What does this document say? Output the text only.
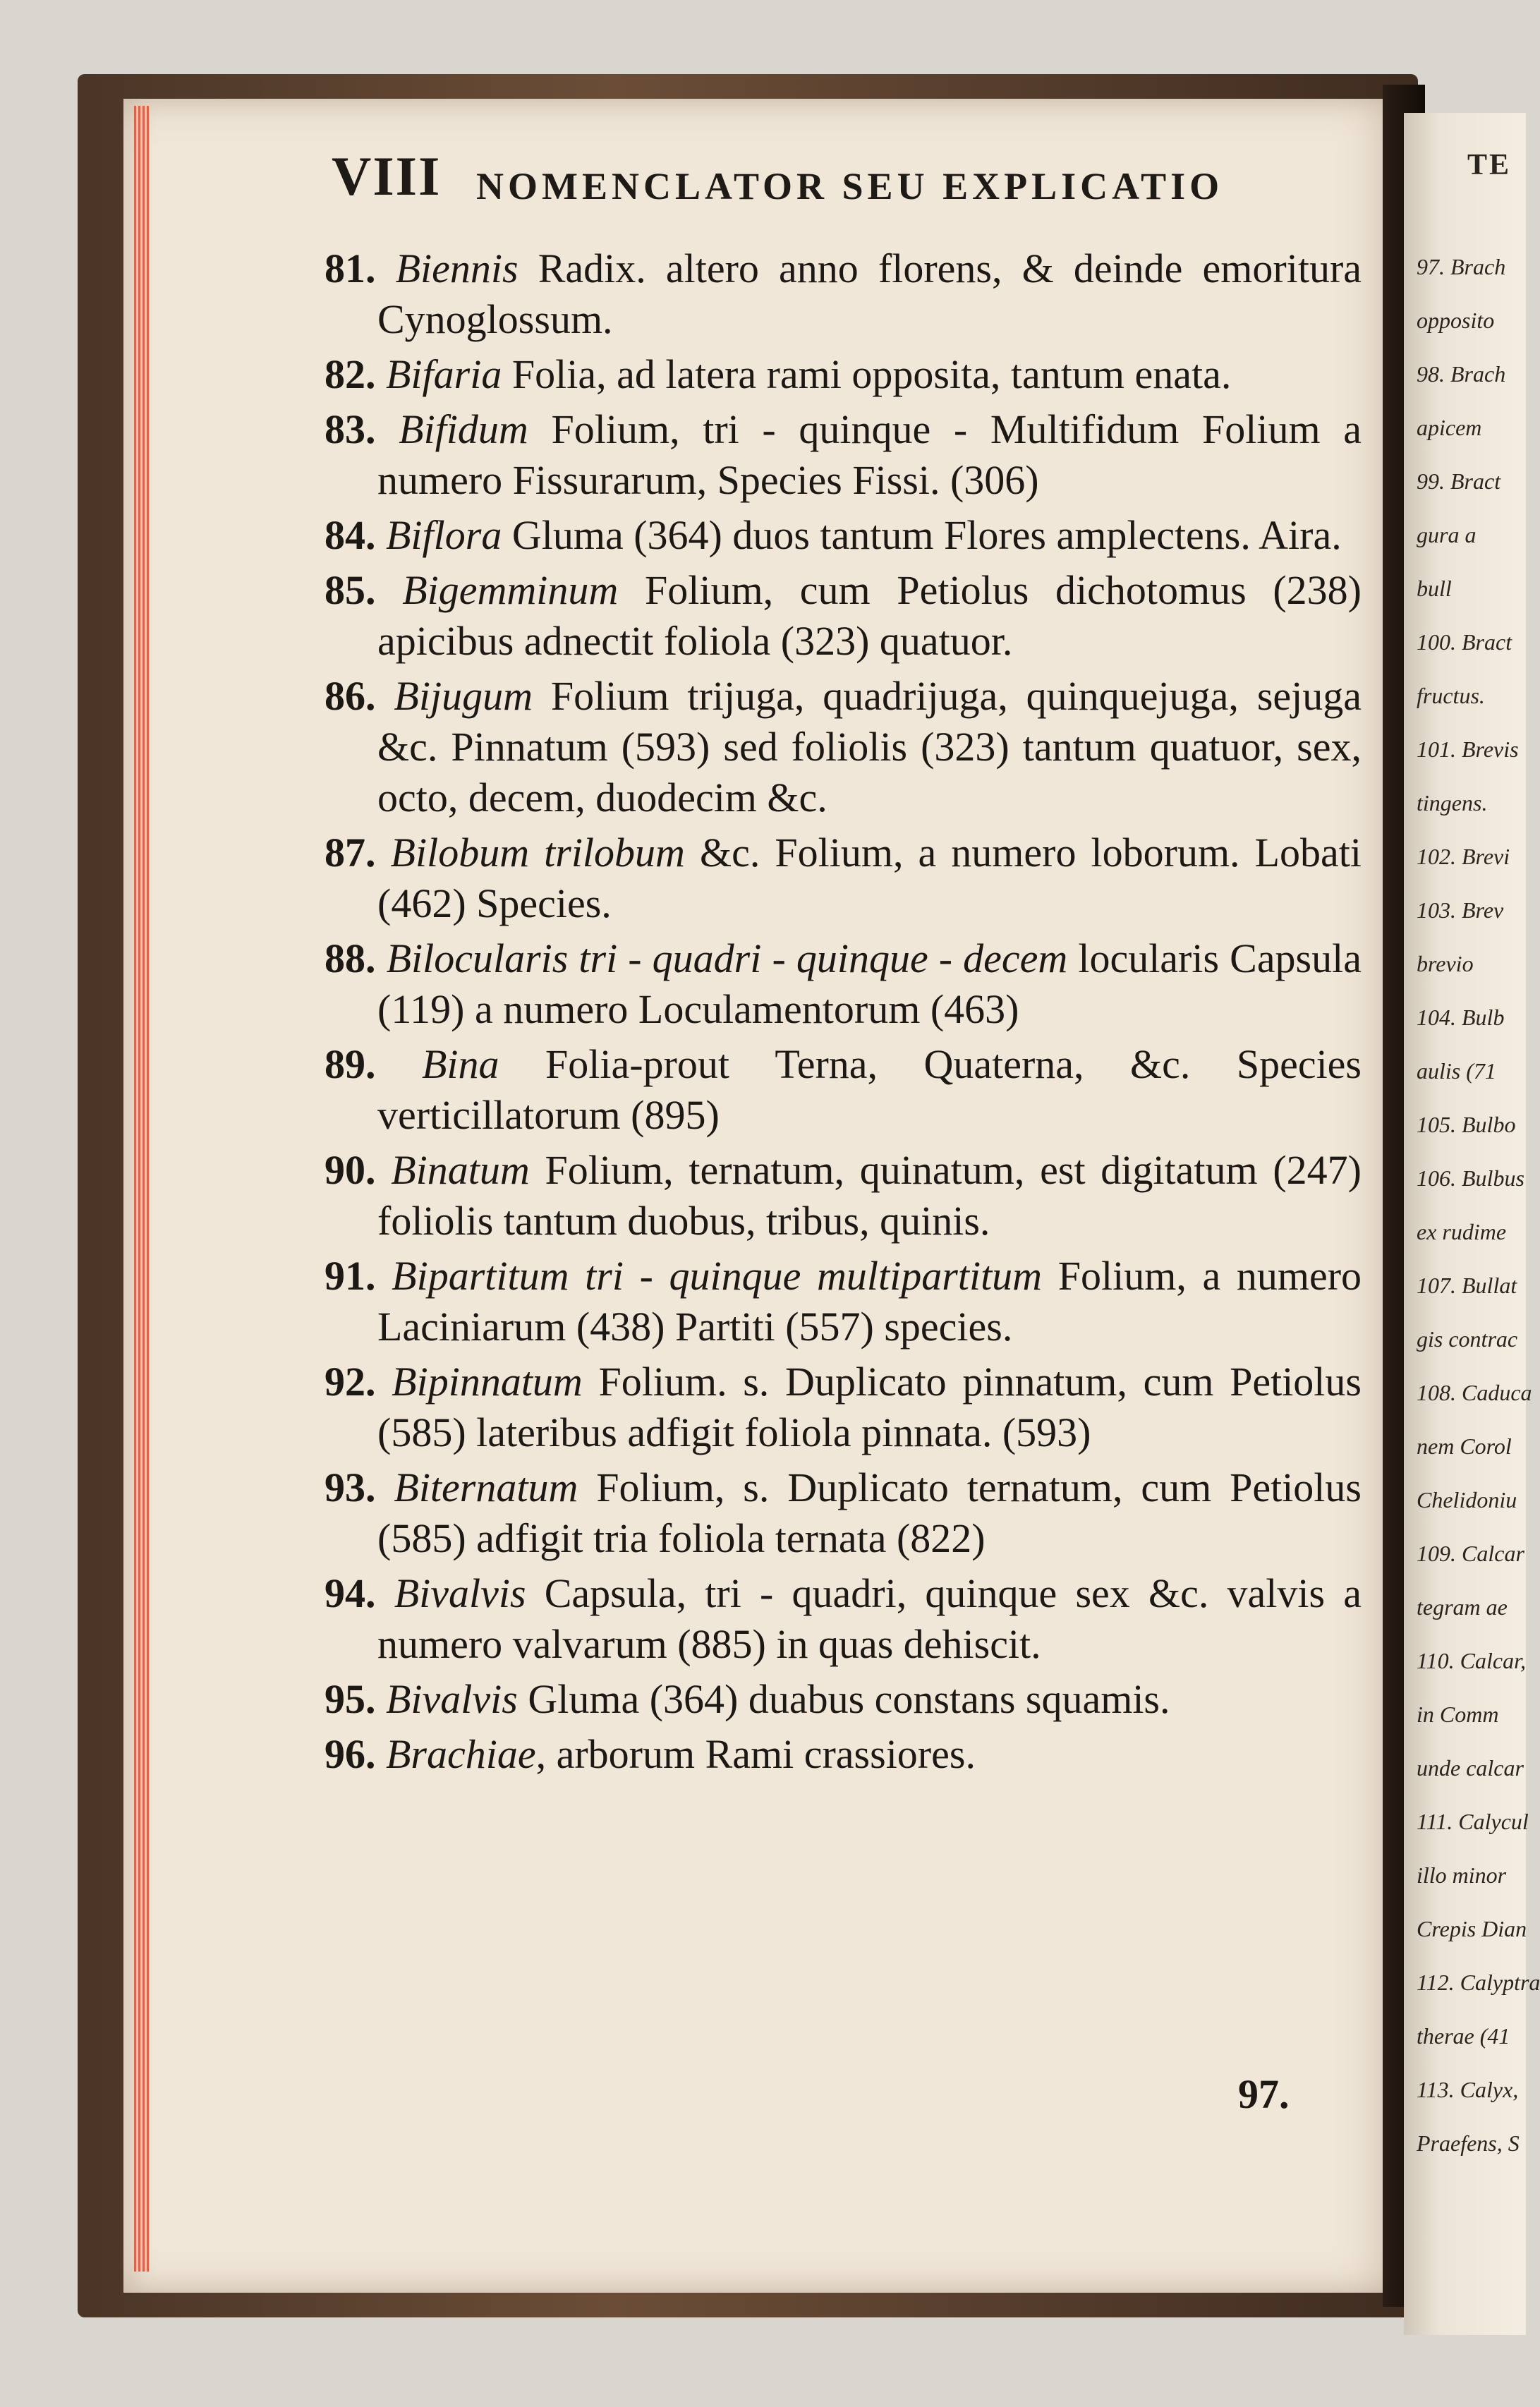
VIII NOMENCLATOR SEU EXPLICATIO

81. Biennis Radix. altero anno florens, & deinde emoritura Cynoglossum.

82. Bifaria Folia, ad latera rami opposita, tantum enata.

83. Bifidum Folium, tri - quinque - Multifidum Folium a numero Fissurarum, Species Fissi. (306)

84. Biflora Gluma (364) duos tantum Flores amplectens. Aira.

85. Bigemminum Folium, cum Petiolus dichotomus (238) apicibus adnectit foliola (323) quatuor.

86. Bijugum Folium trijuga, quadrijuga, quinquejuga, sejuga &c. Pinnatum (593) sed foliolis (323) tantum quatuor, sex, octo, decem, duodecim &c.

87. Bilobum trilobum &c. Folium, a numero loborum. Lobati (462) Species.

88. Bilocularis tri - quadri - quinque - decem locularis Capsula (119) a numero Loculamentorum (463)

89. Bina Folia-prout Terna, Quaterna, &c. Species verticillatorum (895)

90. Binatum Folium, ternatum, quinatum, est digitatum (247) foliolis tantum duobus, tribus, quinis.

91. Bipartitum tri - quinque multipartitum Folium, a numero Laciniarum (438) Partiti (557) species.

92. Bipinnatum Folium. s. Duplicato pinnatum, cum Petiolus (585) lateribus adfigit foliola pinnata. (593)

93. Biternatum Folium, s. Duplicato ternatum, cum Petiolus (585) adfigit tria foliola ternata (822)

94. Bivalvis Capsula, tri - quadri, quinque sex &c. valvis a numero valvarum (885) in quas dehiscit.

95. Bivalvis Gluma (364) duabus constans squamis.

96. Brachiae, arborum Rami crassiores.

97.
TE
97. Brach
opposito
98. Brach
apicem
99. Bract
gura a
bull
100. Bract
fructus.
101. Brevis
tingens.
102. Brevi
103. Brev
brevio
104. Bulb
aulis (71
105. Bulbo
106. Bulbus
ex rudime
107. Bullat
gis contrac
108. Caduca
nem Corol
Chelidoniu
109. Calcar
tegram ae
110. Calcar,
in Comm
unde calcar
111. Calycul
illo minor
Crepis Dian
112. Calyptra
therae (41
113. Calyx,
Praefens, S
